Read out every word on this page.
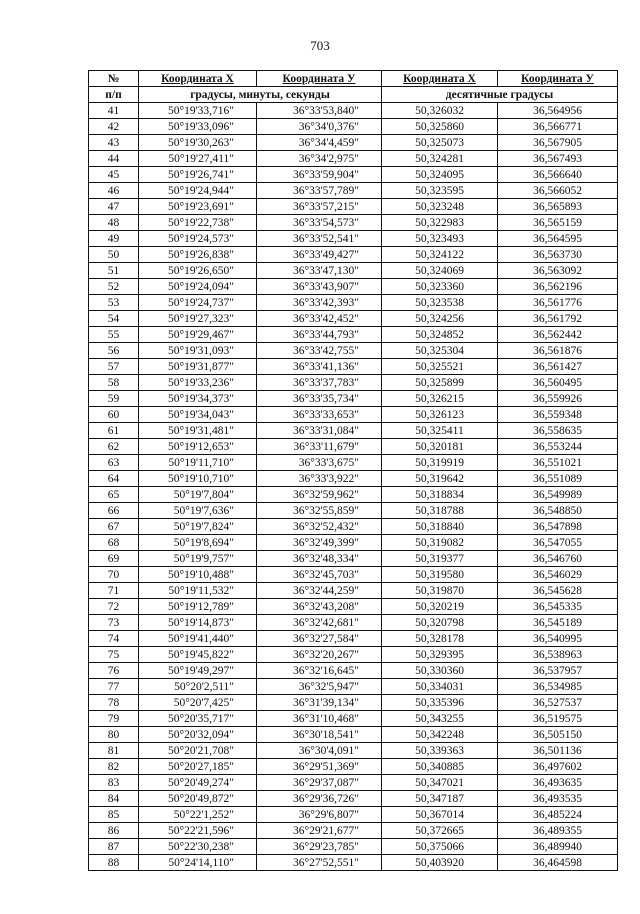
703
№	Координата X	Координата У	Координата X	Координата У
п/п	градусы, минуты, секунды		десятичные градусы	
41	50°19'33,716"	36°33'53,840"	50,326032	36,564956
42	50°19'33,096"	36°34'0,376"	50,325860	36,566771
43	50°19'30,263"	36°34'4,459"	50,325073	36,567905
44	50°19'27,411"	36°34'2,975"	50,324281	36,567493
45	50°19'26,741"	36°33'59,904"	50,324095	36,566640
46	50°19'24,944"	36°33'57,789"	50,323595	36,566052
47	50°19'23,691"	36°33'57,215"	50,323248	36,565893
48	50°19'22,738"	36°33'54,573"	50,322983	36,565159
49	50°19'24,573"	36°33'52,541"	50,323493	36,564595
50	50°19'26,838"	36°33'49,427"	50,324122	36,563730
51	50°19'26,650"	36°33'47,130"	50,324069	36,563092
52	50°19'24,094"	36°33'43,907"	50,323360	36,562196
53	50°19'24,737"	36°33'42,393"	50,323538	36,561776
54	50°19'27,323"	36°33'42,452"	50,324256	36,561792
55	50°19'29,467"	36°33'44,793"	50,324852	36,562442
56	50°19'31,093"	36°33'42,755"	50,325304	36,561876
57	50°19'31,877"	36°33'41,136"	50,325521	36,561427
58	50°19'33,236"	36°33'37,783"	50,325899	36,560495
59	50°19'34,373"	36°33'35,734"	50,326215	36,559926
60	50°19'34,043"	36°33'33,653"	50,326123	36,559348
61	50°19'31,481"	36°33'31,084"	50,325411	36,558635
62	50°19'12,653"	36°33'11,679"	50,320181	36,553244
63	50°19'11,710"	36°33'3,675"	50,319919	36,551021
64	50°19'10,710"	36°33'3,922"	50,319642	36,551089
65	50°19'7,804"	36°32'59,962"	50,318834	36,549989
66	50°19'7,636"	36°32'55,859"	50,318788	36,548850
67	50°19'7,824"	36°32'52,432"	50,318840	36,547898
68	50°19'8,694"	36°32'49,399"	50,319082	36,547055
69	50°19'9,757"	36°32'48,334"	50,319377	36,546760
70	50°19'10,488"	36°32'45,703"	50,319580	36,546029
71	50°19'11,532"	36°32'44,259"	50,319870	36,545628
72	50°19'12,789"	36°32'43,208"	50,320219	36,545335
73	50°19'14,873"	36°32'42,681"	50,320798	36,545189
74	50°19'41,440"	36°32'27,584"	50,328178	36,540995
75	50°19'45,822"	36°32'20,267"	50,329395	36,538963
76	50°19'49,297"	36°32'16,645"	50,330360	36,537957
77	50°20'2,511"	36°32'5,947"	50,334031	36,534985
78	50°20'7,425"	36°31'39,134"	50,335396	36,527537
79	50°20'35,717"	36°31'10,468"	50,343255	36,519575
80	50°20'32,094"	36°30'18,541"	50,342248	36,505150
81	50°20'21,708"	36°30'4,091"	50,339363	36,501136
82	50°20'27,185"	36°29'51,369"	50,340885	36,497602
83	50°20'49,274"	36°29'37,087"	50,347021	36,493635
84	50°20'49,872"	36°29'36,726"	50,347187	36,493535
85	50°22'1,252"	36°29'6,807"	50,367014	36,485224
86	50°22'21,596"	36°29'21,677"	50,372665	36,489355
87	50°22'30,238"	36°29'23,785"	50,375066	36,489940
88	50°24'14,110"	36°27'52,551"	50,403920	36,464598
